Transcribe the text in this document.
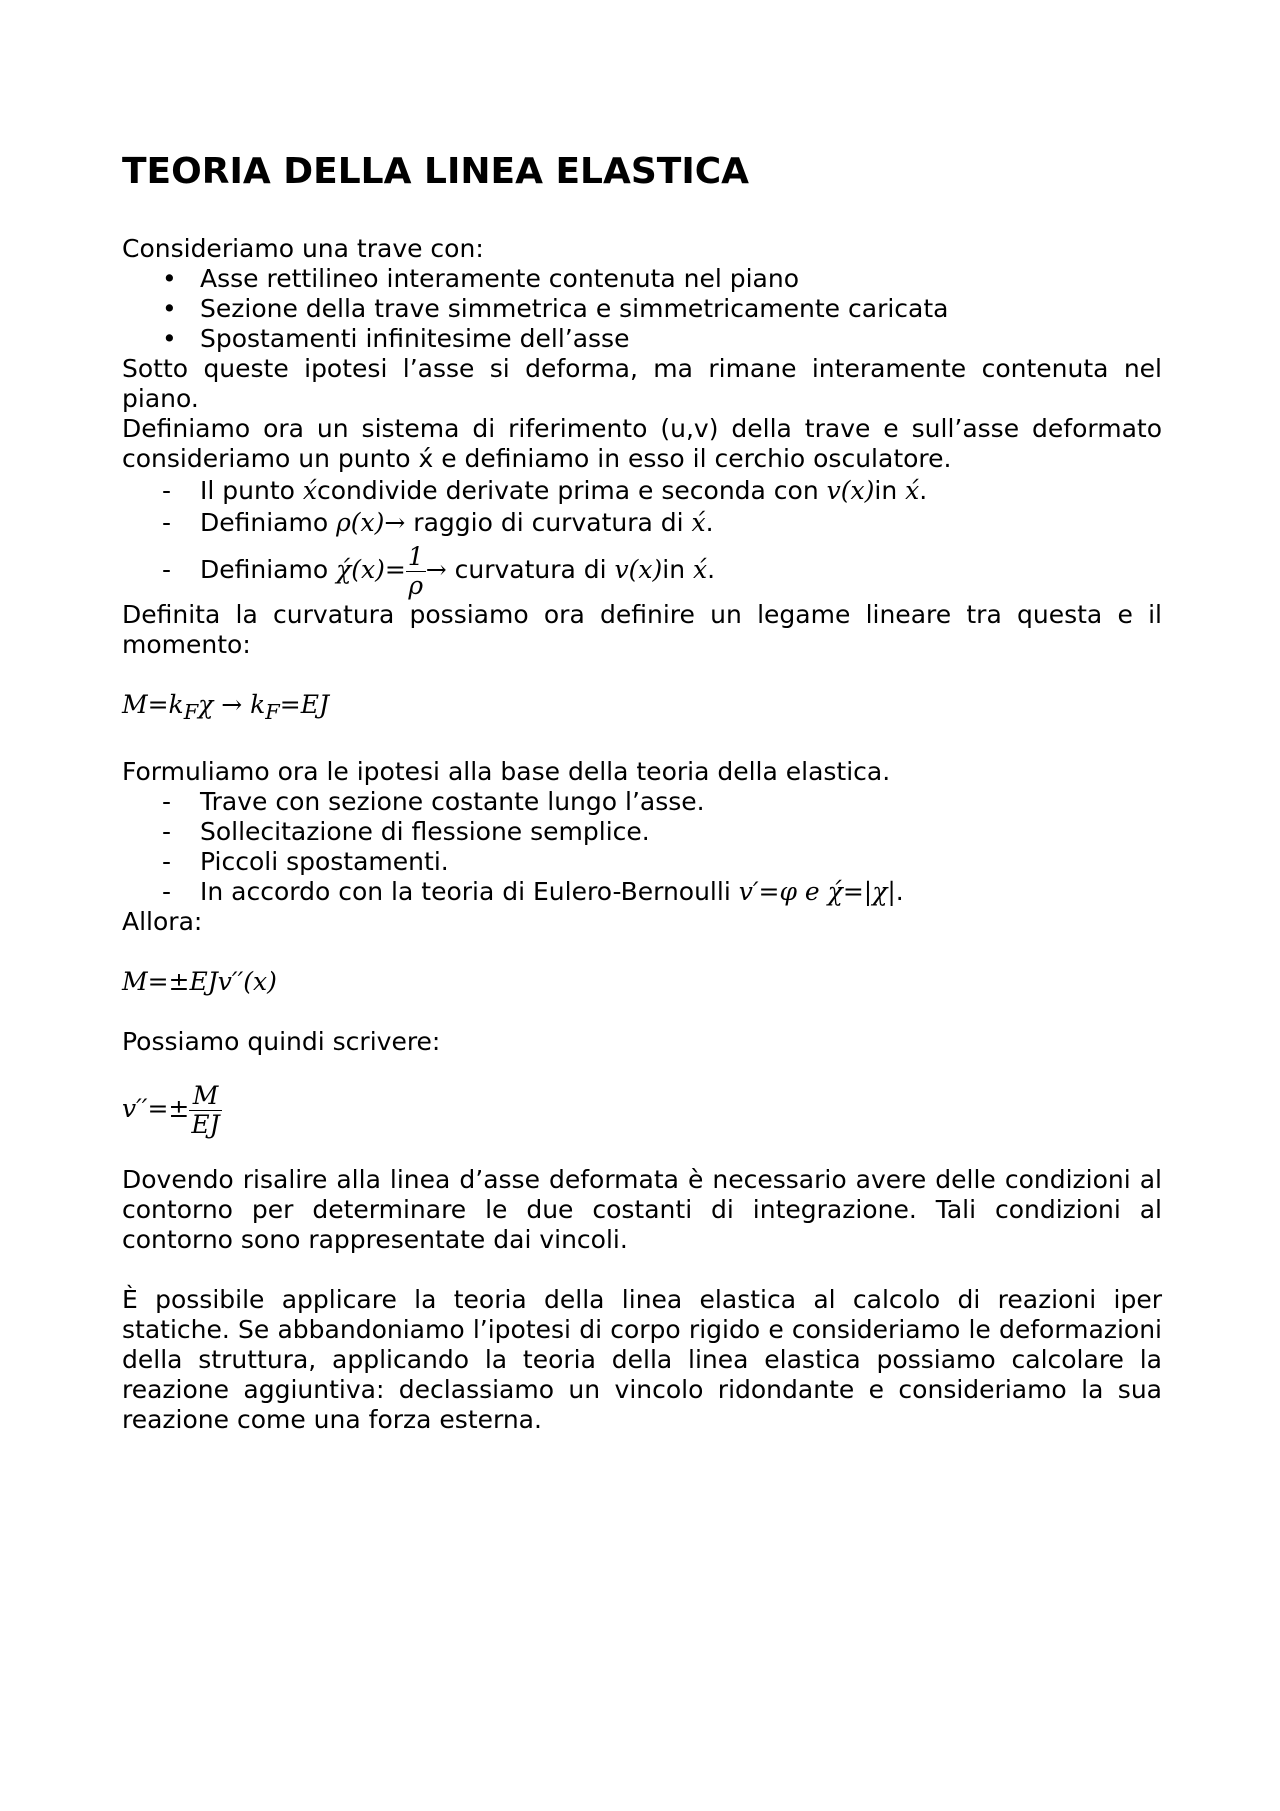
TEORIA DELLA LINEA ELASTICA

Consideriamo una trave con:

• Asse rettilineo interamente contenuta nel piano
• Sezione della trave simmetrica e simmetricamente caricata
• Spostamenti infinitesime dell’asse

Sotto queste ipotesi l’asse si deforma, ma rimane interamente contenuta nel piano.

Definiamo ora un sistema di riferimento (u,v) della trave e sull’asse deformato consideriamo un punto x́ e definiamo in esso il cerchio osculatore.

- Il punto x́condivide derivate prima e seconda con v(x)in x́.
- Definiamo ρ(x)→ raggio di curvatura di x́.
- Definiamo χ́(x)= $\frac{1}{\rho}$ → curvatura di v(x)in x́.

Definita la curvatura possiamo ora definire un legame lineare tra questa e il momento:

$M=k_F\chi \to k_F=EJ$

Formuliamo ora le ipotesi alla base della teoria della elastica.

- Trave con sezione costante lungo l’asse.
- Sollecitazione di flessione semplice.
- Piccoli spostamenti.
- In accordo con la teoria di Eulero-Bernoulli v′=φ e χ́=|χ|.

Allora:

M=±EJv′′(x)

Possiamo quindi scrivere:

$v''=\pm \frac{M}{EJ}$

Dovendo risalire alla linea d’asse deformata è necessario avere delle condizioni al contorno per determinare le due costanti di integrazione. Tali condizioni al contorno sono rappresentate dai vincoli.

È possibile applicare la teoria della linea elastica al calcolo di reazioni iper statiche. Se abbandoniamo l’ipotesi di corpo rigido e consideriamo le deformazioni della struttura, applicando la teoria della linea elastica possiamo calcolare la reazione aggiuntiva: declassiamo un vincolo ridondante e consideriamo la sua reazione come una forza esterna.
